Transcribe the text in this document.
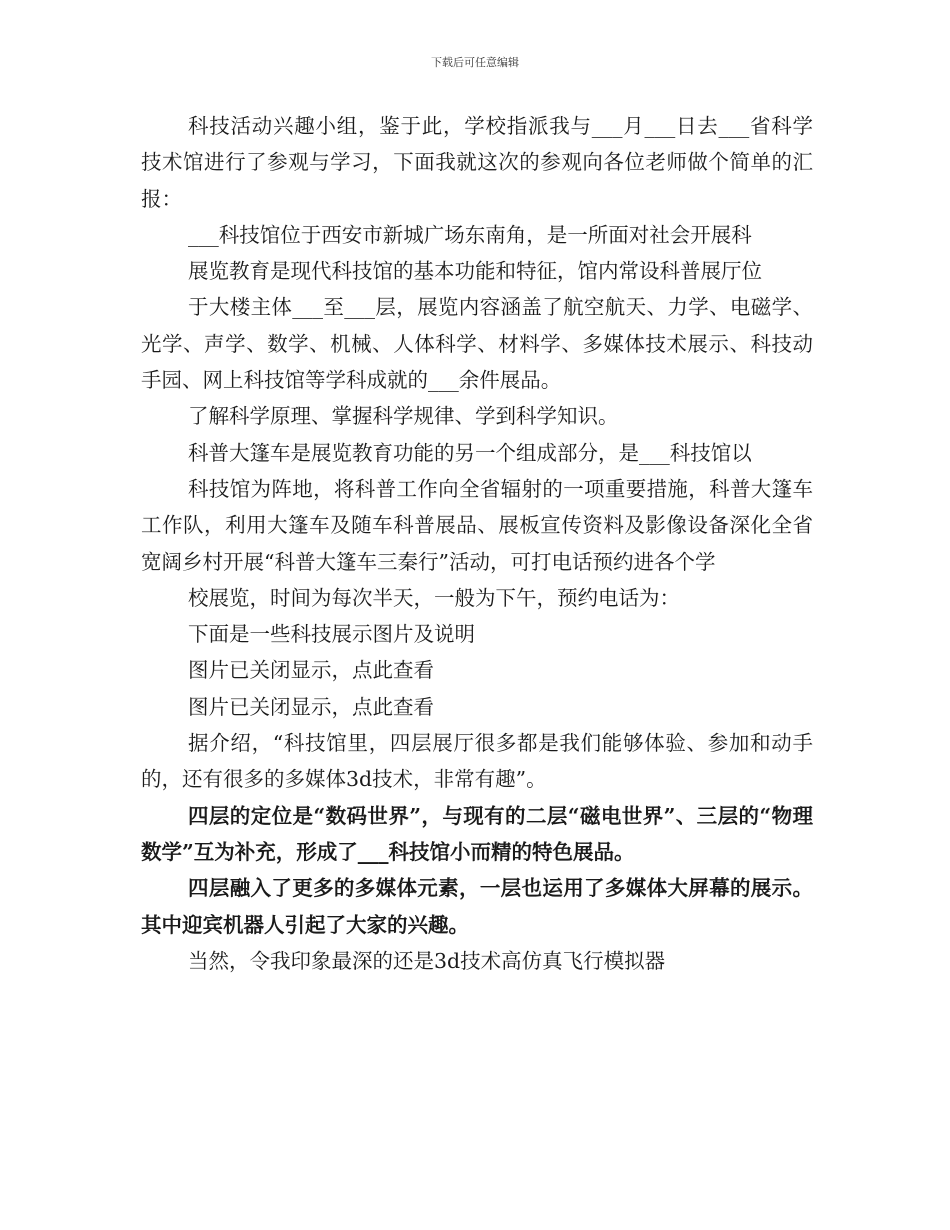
下载后可任意编辑

科技活动兴趣小组，鉴于此，学校指派我与___月___日去___省科学技术馆进行了参观与学习，下面我就这次的参观向各位老师做个简单的汇报：

___科技馆位于西安市新城广场东南角，是一所面对社会开展科

展览教育是现代科技馆的基本功能和特征，馆内常设科普展厅位

于大楼主体___至___层，展览内容涵盖了航空航天、力学、电磁学、光学、声学、数学、机械、人体科学、材料学、多媒体技术展示、科技动手园、网上科技馆等学科成就的___余件展品。

了解科学原理、掌握科学规律、学到科学知识。

科普大篷车是展览教育功能的另一个组成部分，是___科技馆以

科技馆为阵地，将科普工作向全省辐射的一项重要措施，科普大篷车工作队，利用大篷车及随车科普展品、展板宣传资料及影像设备深化全省宽阔乡村开展“科普大篷车三秦行”活动，可打电话预约进各个学

校展览，时间为每次半天，一般为下午，预约电话为：

下面是一些科技展示图片及说明

图片已关闭显示，点此查看

图片已关闭显示，点此查看

据介绍，“科技馆里，四层展厅很多都是我们能够体验、参加和动手的，还有很多的多媒体3d技术，非常有趣”。

四层的定位是“数码世界”，与现有的二层“磁电世界”、三层的“物理数学”互为补充，形成了___科技馆小而精的特色展品。

四层融入了更多的多媒体元素，一层也运用了多媒体大屏幕的展示。其中迎宾机器人引起了大家的兴趣。

当然，令我印象最深的还是3d技术高仿真飞行模拟器
